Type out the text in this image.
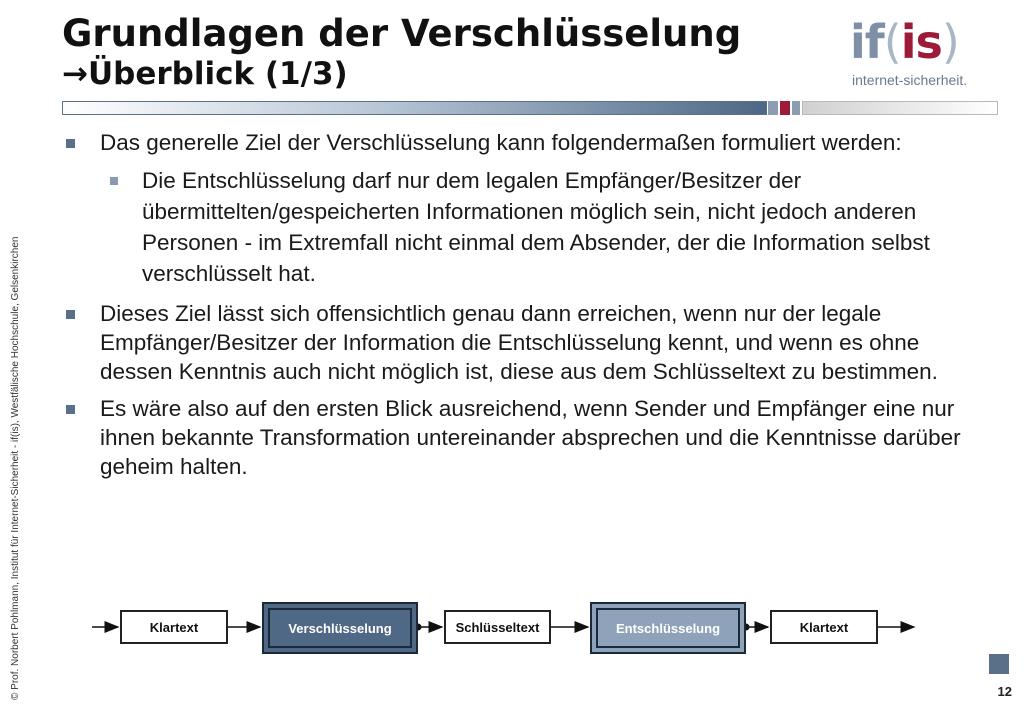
Grundlagen der Verschlüsselung
→Überblick (1/3)
if(is)
internet-sicherheit.
© Prof. Norbert Pohlmann, Institut für Internet-Sicherheit - if(is), Westfälische Hochschule, Gelsenkirchen
Das generelle Ziel der Verschlüsselung kann folgendermaßen formuliert werden:
Die Entschlüsselung darf nur dem legalen Empfänger/Besitzer der übermittelten/gespeicherten Informationen möglich sein, nicht jedoch anderen Personen - im Extremfall nicht einmal dem Absender, der die Information selbst verschlüsselt hat.
Dieses Ziel lässt sich offensichtlich genau dann erreichen, wenn nur der legale Empfänger/Besitzer der Information die Entschlüsselung kennt, und wenn es ohne dessen Kenntnis auch nicht möglich ist, diese aus dem Schlüsseltext zu bestimmen.
Es wäre also auf den ersten Blick ausreichend, wenn Sender und Empfänger eine nur ihnen bekannte Transformation untereinander absprechen und die Kenntnisse darüber geheim halten.
Klartext	Verschlüsselung	Schlüsseltext	Entschlüsselung	Klartext
12
